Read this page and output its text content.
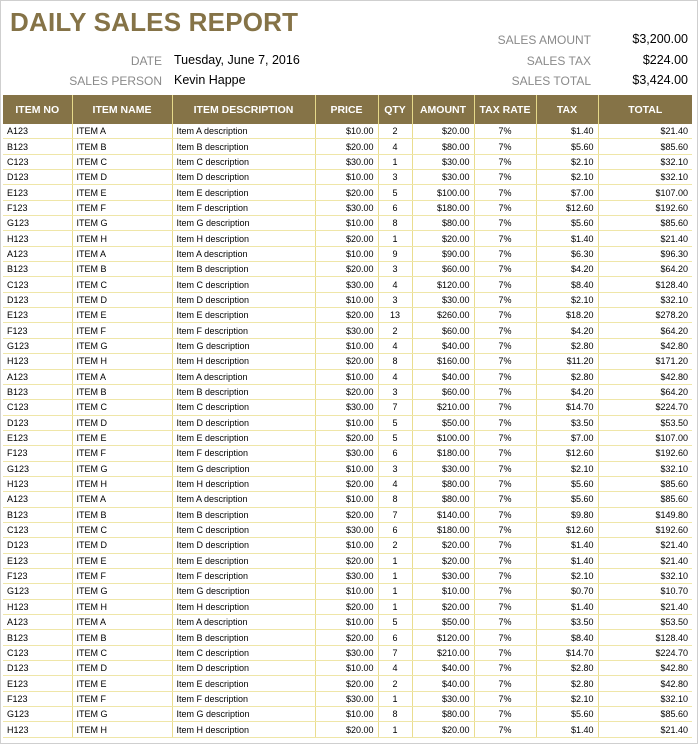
DAILY SALES REPORT
DATE Tuesday, June 7, 2016
SALES PERSON Kevin Happe
SALES AMOUNT	$3,200.00
SALES TAX	$224.00
SALES TOTAL	$3,424.00
ITEM NO	ITEM NAME	ITEM DESCRIPTION	PRICE	QTY	AMOUNT	TAX RATE	TAX	TOTAL
A123	ITEM A	Item A description	$10.00	2	$20.00	7%	$1.40	$21.40
B123	ITEM B	Item B description	$20.00	4	$80.00	7%	$5.60	$85.60
C123	ITEM C	Item C description	$30.00	1	$30.00	7%	$2.10	$32.10
D123	ITEM D	Item D description	$10.00	3	$30.00	7%	$2.10	$32.10
E123	ITEM E	Item E description	$20.00	5	$100.00	7%	$7.00	$107.00
F123	ITEM F	Item F description	$30.00	6	$180.00	7%	$12.60	$192.60
G123	ITEM G	Item G description	$10.00	8	$80.00	7%	$5.60	$85.60
H123	ITEM H	Item H description	$20.00	1	$20.00	7%	$1.40	$21.40
A123	ITEM A	Item A description	$10.00	9	$90.00	7%	$6.30	$96.30
B123	ITEM B	Item B description	$20.00	3	$60.00	7%	$4.20	$64.20
C123	ITEM C	Item C description	$30.00	4	$120.00	7%	$8.40	$128.40
D123	ITEM D	Item D description	$10.00	3	$30.00	7%	$2.10	$32.10
E123	ITEM E	Item E description	$20.00	13	$260.00	7%	$18.20	$278.20
F123	ITEM F	Item F description	$30.00	2	$60.00	7%	$4.20	$64.20
G123	ITEM G	Item G description	$10.00	4	$40.00	7%	$2.80	$42.80
H123	ITEM H	Item H description	$20.00	8	$160.00	7%	$11.20	$171.20
A123	ITEM A	Item A description	$10.00	4	$40.00	7%	$2.80	$42.80
B123	ITEM B	Item B description	$20.00	3	$60.00	7%	$4.20	$64.20
C123	ITEM C	Item C description	$30.00	7	$210.00	7%	$14.70	$224.70
D123	ITEM D	Item D description	$10.00	5	$50.00	7%	$3.50	$53.50
E123	ITEM E	Item E description	$20.00	5	$100.00	7%	$7.00	$107.00
F123	ITEM F	Item F description	$30.00	6	$180.00	7%	$12.60	$192.60
G123	ITEM G	Item G description	$10.00	3	$30.00	7%	$2.10	$32.10
H123	ITEM H	Item H description	$20.00	4	$80.00	7%	$5.60	$85.60
A123	ITEM A	Item A description	$10.00	8	$80.00	7%	$5.60	$85.60
B123	ITEM B	Item B description	$20.00	7	$140.00	7%	$9.80	$149.80
C123	ITEM C	Item C description	$30.00	6	$180.00	7%	$12.60	$192.60
D123	ITEM D	Item D description	$10.00	2	$20.00	7%	$1.40	$21.40
E123	ITEM E	Item E description	$20.00	1	$20.00	7%	$1.40	$21.40
F123	ITEM F	Item F description	$30.00	1	$30.00	7%	$2.10	$32.10
G123	ITEM G	Item G description	$10.00	1	$10.00	7%	$0.70	$10.70
H123	ITEM H	Item H description	$20.00	1	$20.00	7%	$1.40	$21.40
A123	ITEM A	Item A description	$10.00	5	$50.00	7%	$3.50	$53.50
B123	ITEM B	Item B description	$20.00	6	$120.00	7%	$8.40	$128.40
C123	ITEM C	Item C description	$30.00	7	$210.00	7%	$14.70	$224.70
D123	ITEM D	Item D description	$10.00	4	$40.00	7%	$2.80	$42.80
E123	ITEM E	Item E description	$20.00	2	$40.00	7%	$2.80	$42.80
F123	ITEM F	Item F description	$30.00	1	$30.00	7%	$2.10	$32.10
G123	ITEM G	Item G description	$10.00	8	$80.00	7%	$5.60	$85.60
H123	ITEM H	Item H description	$20.00	1	$20.00	7%	$1.40	$21.40
